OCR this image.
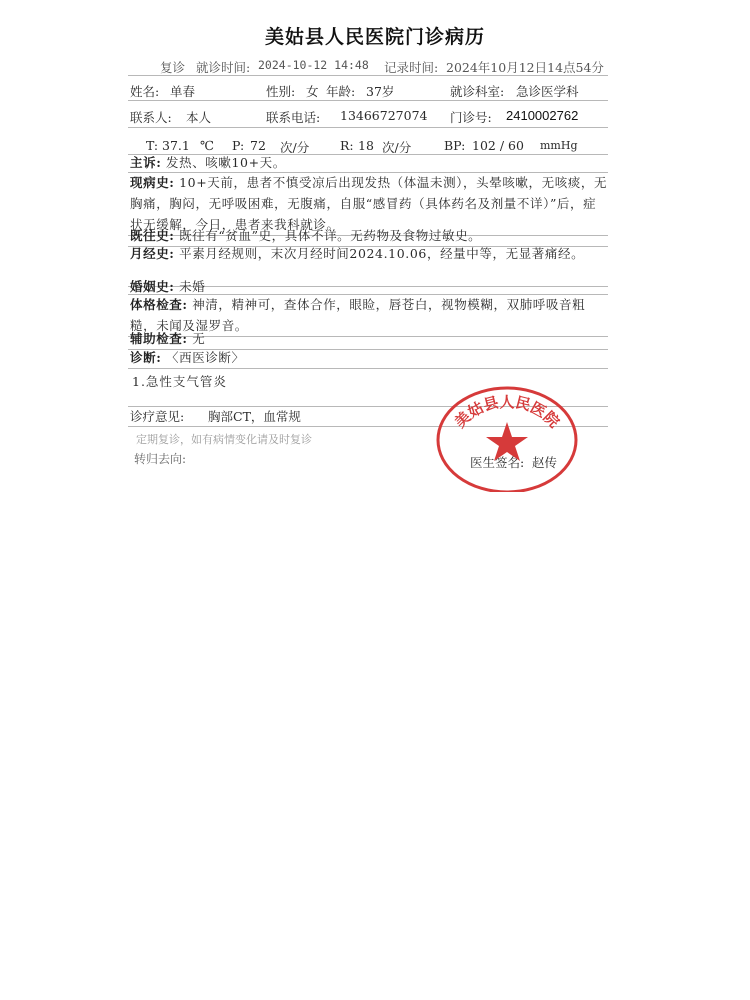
美姑县人民医院门诊病历
复诊 就诊时间: 2024-10-12 14:48 记录时间: 2024年10月12日14点54分
姓名: 单春	性别: 女 年龄: 37岁	就诊科室: 急诊医学科
联系人: 本人	联系电话: 13466727074 门诊号: 2410002762
T: 37.1 ℃ P: 72 次/分 R: 18 次/分	BP: 102 / 60 mmHg
主诉: 发热、咳嗽10+天。
现病史: 10+天前，患者不慎受凉后出现发热（体温未测），头晕咳嗽，无咳痰，无胸痛，胸闷，无呼吸困难，无腹痛，自服“感冒药（具体药名及剂量不详）”后，症状无缓解，今日，患者来我科就诊。
既往史: 既往有“贫血”史，具体不详。无药物及食物过敏史。
月经史: 平素月经规则，末次月经时间2024.10.06，经量中等，无显著痛经。
婚姻史: 未婚
体格检查: 神清，精神可，查体合作，眼睑，唇苍白，视物模糊，双肺呼吸音粗糙，未闻及湿罗音。
辅助检查: 无
诊断: 〈西医诊断〉
1.急性支气管炎
诊疗意见: 胸部CT，血常规
定期复诊，如有病情变化请及时复诊
转归去向:	医生签名: 赵传
美姑县人民医院
